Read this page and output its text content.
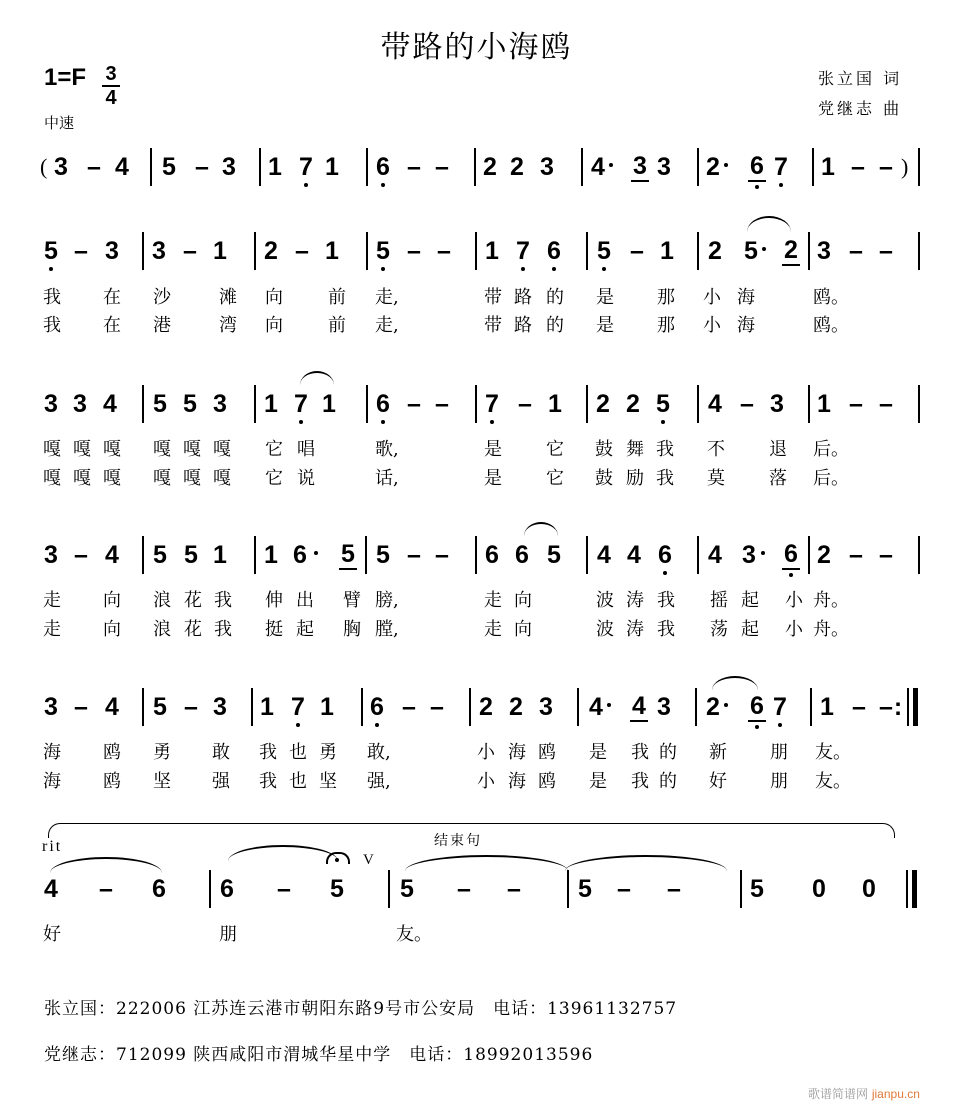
带路的小海鸥
1=F 3
4
中速
张立国 词
党继志 曲
( 3 – 4 5 – 3 1 7 1 6 – – 2 2 3 4 3 3 2 6 7 1 – – )
5 – 3 3 – 1 2 – 1 5 – – 1 7 6 5 – 1 2 5 2 3 – –
我 在 沙	滩 向	前 走,	带 路 的 是 那 小 海	鸥。
我 在 港	湾 向	前 走,	带 路 的 是 那 小 海	鸥。
3 3 4 5 5 3 1 7 1 6 – – 7 – 1 2 2 5 4 – 3 1 – –
嘎 嘎 嘎 嘎 嘎 嘎 它 唱	歌,	是 它 鼓 舞 我 不 退 后。
嘎 嘎 嘎 嘎 嘎 嘎 它 说	话,	是 它 鼓 励 我 莫 落 后。
3 – 4 5 5 1 1 6 5 5 – – 6 6 5 4 4 6 4 3 6 2 – –
走 向 浪 花 我 伸 出 臂 膀,	走 向	波 涛 我 摇 起 小 舟。
走 向 浪 花 我 挺 起 胸 膛,	走 向	波 涛 我 荡 起 小 舟。
3 – 4 5 – 3 1 7 1 6 – – 2 2 3 4 4 3 2 6 7 1 – – :
海 鸥 勇 敢 我 也 勇 敢,	小 海 鸥 是 我 的 新 朋 友。
海 鸥 坚 强 我 也 坚 强,	小 海 鸥 是 我 的 好 朋 友。
rit	结束句
V
4 – 6 6 – 5 5 – – 5 – –	5 0 0
好	朋	友。
张立国：222006 江苏连云港市朝阳东路9号市公安局　电话：13961132757
党继志：712099 陕西咸阳市渭城华星中学　电话：18992013596
歌谱简谱网 jianpu.cn
